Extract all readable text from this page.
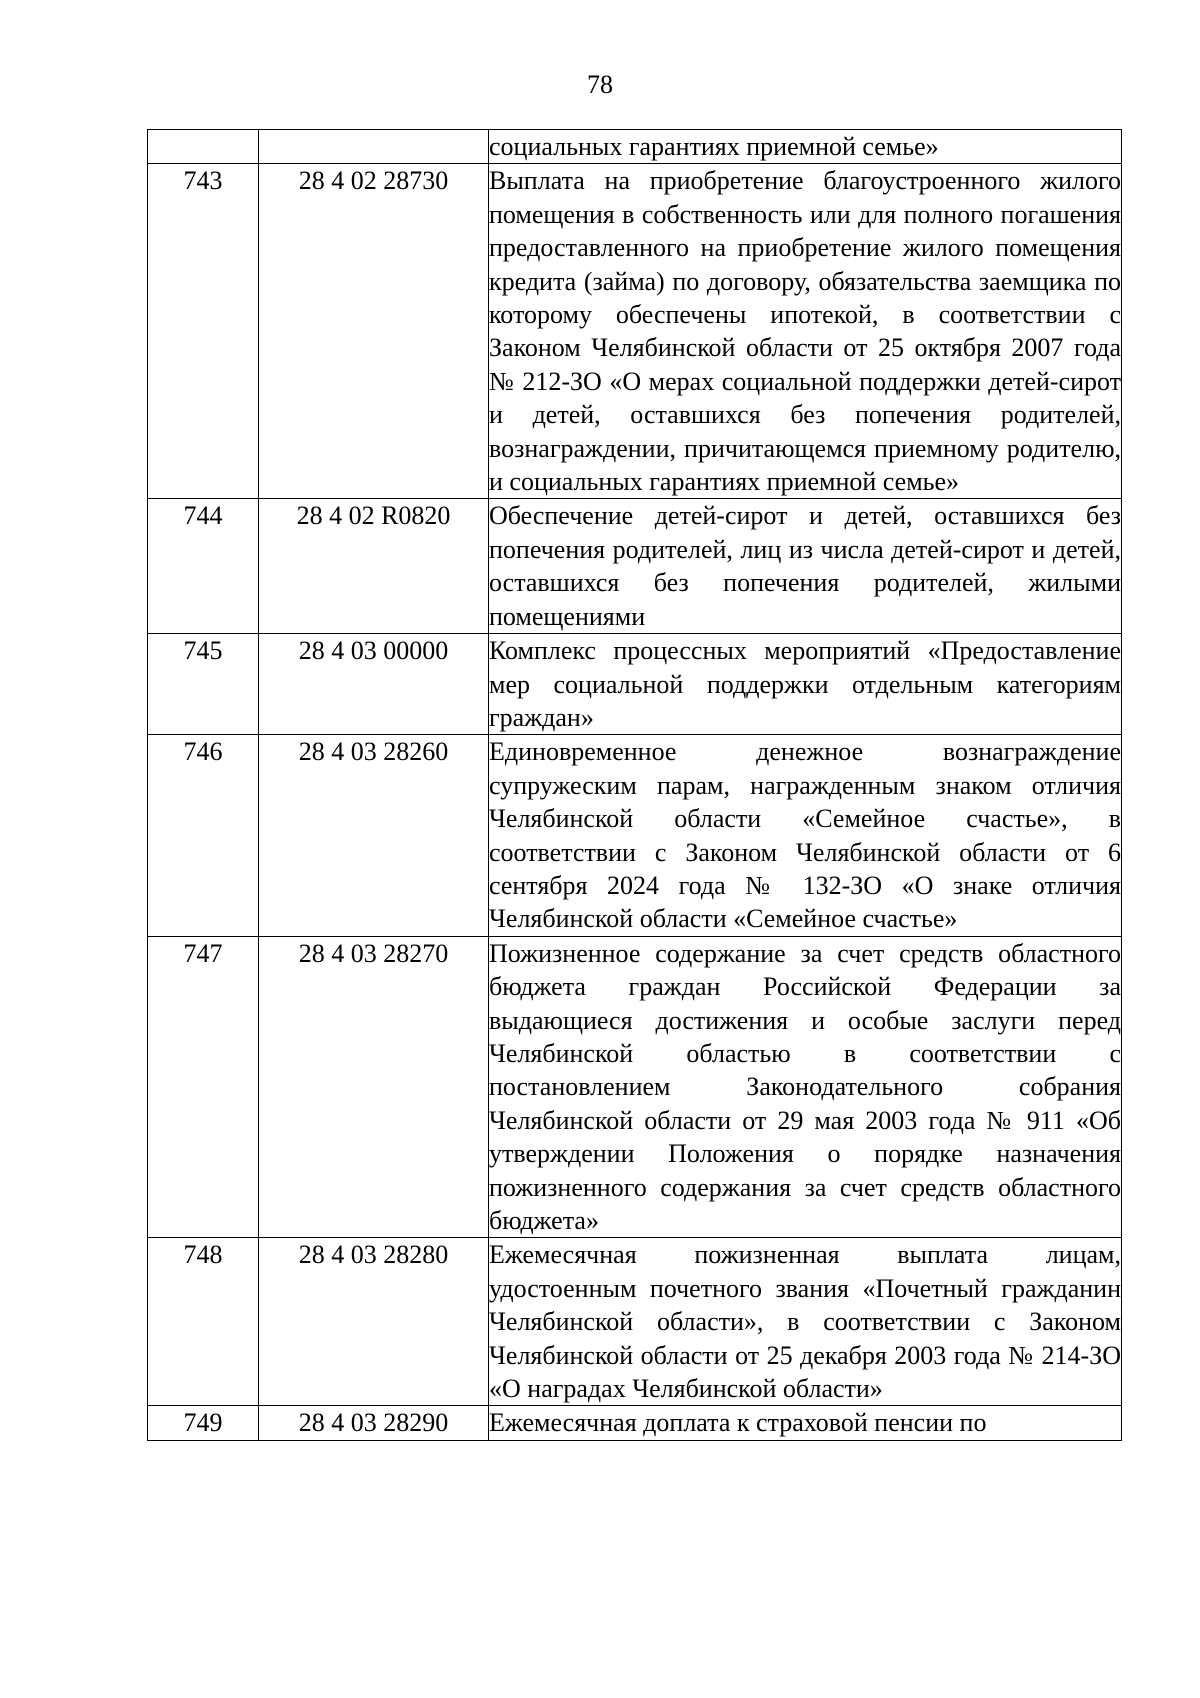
78
		социальных гарантиях приемной семье»
743	28 4 02 28730	Выплата на приобретение благоустроенного жилого помещения в собственность или для полного погашения предоставленного на приобретение жилого помещения кредита (займа) по договору, обязательства заемщика по которому обеспечены ипотекой, в соответствии с Законом Челябинской области от 25 октября 2007 года № 212-ЗО «О мерах социальной поддержки детей-сирот и детей, оставшихся без попечения родителей, вознаграждении, причитающемся приемному родителю, и социальных гарантиях приемной семье»
744	28 4 02 R0820	Обеспечение детей-сирот и детей, оставшихся без попечения родителей, лиц из числа детей-сирот и детей, оставшихся без попечения родителей, жилыми помещениями
745	28 4 03 00000	Комплекс процессных мероприятий «Предоставление мер социальной поддержки отдельным категориям граждан»
746	28 4 03 28260	Единовременное денежное вознаграждение супружеским парам, награжденным знаком отличия Челябинской области «Семейное счастье», в соответствии с Законом Челябинской области от 6 сентября 2024 года № 132-ЗО «О знаке отличия Челябинской области «Семейное счастье»
747	28 4 03 28270	Пожизненное содержание за счет средств областного бюджета граждан Российской Федерации за выдающиеся достижения и особые заслуги перед Челябинской областью в соответствии с постановлением Законодательного собрания Челябинской области от 29 мая 2003 года № 911 «Об утверждении Положения о порядке назначения пожизненного содержания за счет средств областного бюджета»
748	28 4 03 28280	Ежемесячная пожизненная выплата лицам, удостоенным почетного звания «Почетный гражданин Челябинской области», в соответствии с Законом Челябинской области от 25 декабря 2003 года № 214-ЗО «О наградах Челябинской области»
749	28 4 03 28290	Ежемесячная доплата к страховой пенсии по
